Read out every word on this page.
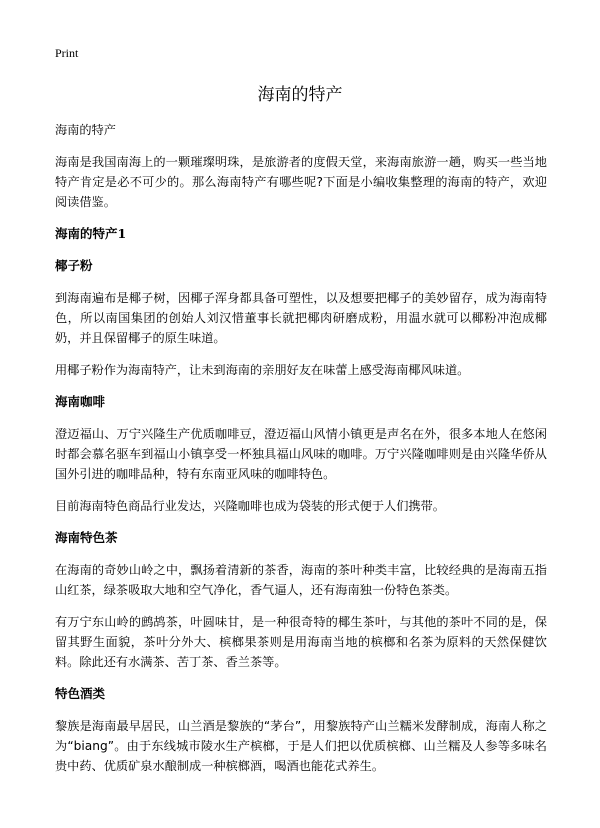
Print
海南的特产

海南的特产

海南是我国南海上的一颗璀璨明珠，是旅游者的度假天堂，来海南旅游一趟，购买一些当地特产肯定是必不可少的。那么海南特产有哪些呢?下面是小编收集整理的海南的特产，欢迎阅读借鉴。

海南的特产1
椰子粉

到海南遍布是椰子树，因椰子浑身都具备可塑性，以及想要把椰子的美妙留存，成为海南特色，所以南国集团的创始人刘汉惜董事长就把椰肉研磨成粉，用温水就可以椰粉冲泡成椰奶，并且保留椰子的原生味道。

用椰子粉作为海南特产，让未到海南的亲朋好友在味蕾上感受海南椰风味道。

海南咖啡

澄迈福山、万宁兴隆生产优质咖啡豆，澄迈福山风情小镇更是声名在外，很多本地人在悠闲时都会慕名驱车到福山小镇享受一杯独具福山风味的咖啡。万宁兴隆咖啡则是由兴隆华侨从国外引进的咖啡品种，特有东南亚风味的咖啡特色。

目前海南特色商品行业发达，兴隆咖啡也成为袋装的形式便于人们携带。

海南特色茶

在海南的奇妙山岭之中，飘扬着清新的茶香，海南的茶叶种类丰富，比较经典的是海南五指山红茶，绿茶吸取大地和空气净化，香气逼人，还有海南独一份特色茶类。

有万宁东山岭的鹧鸪茶，叶圆味甘，是一种很奇特的椰生茶叶，与其他的茶叶不同的是，保留其野生面貌，茶叶分外大、槟榔果茶则是用海南当地的槟榔和名茶为原料的天然保健饮料。除此还有水满茶、苦丁茶、香兰茶等。

特色酒类

黎族是海南最早居民，山兰酒是黎族的“茅台”，用黎族特产山兰糯米发酵制成，海南人称之为“biang”。由于东线城市陵水生产槟榔，于是人们把以优质槟榔、山兰糯及人参等多味名贵中药、优质矿泉水酿制成一种槟榔酒，喝酒也能花式养生。
